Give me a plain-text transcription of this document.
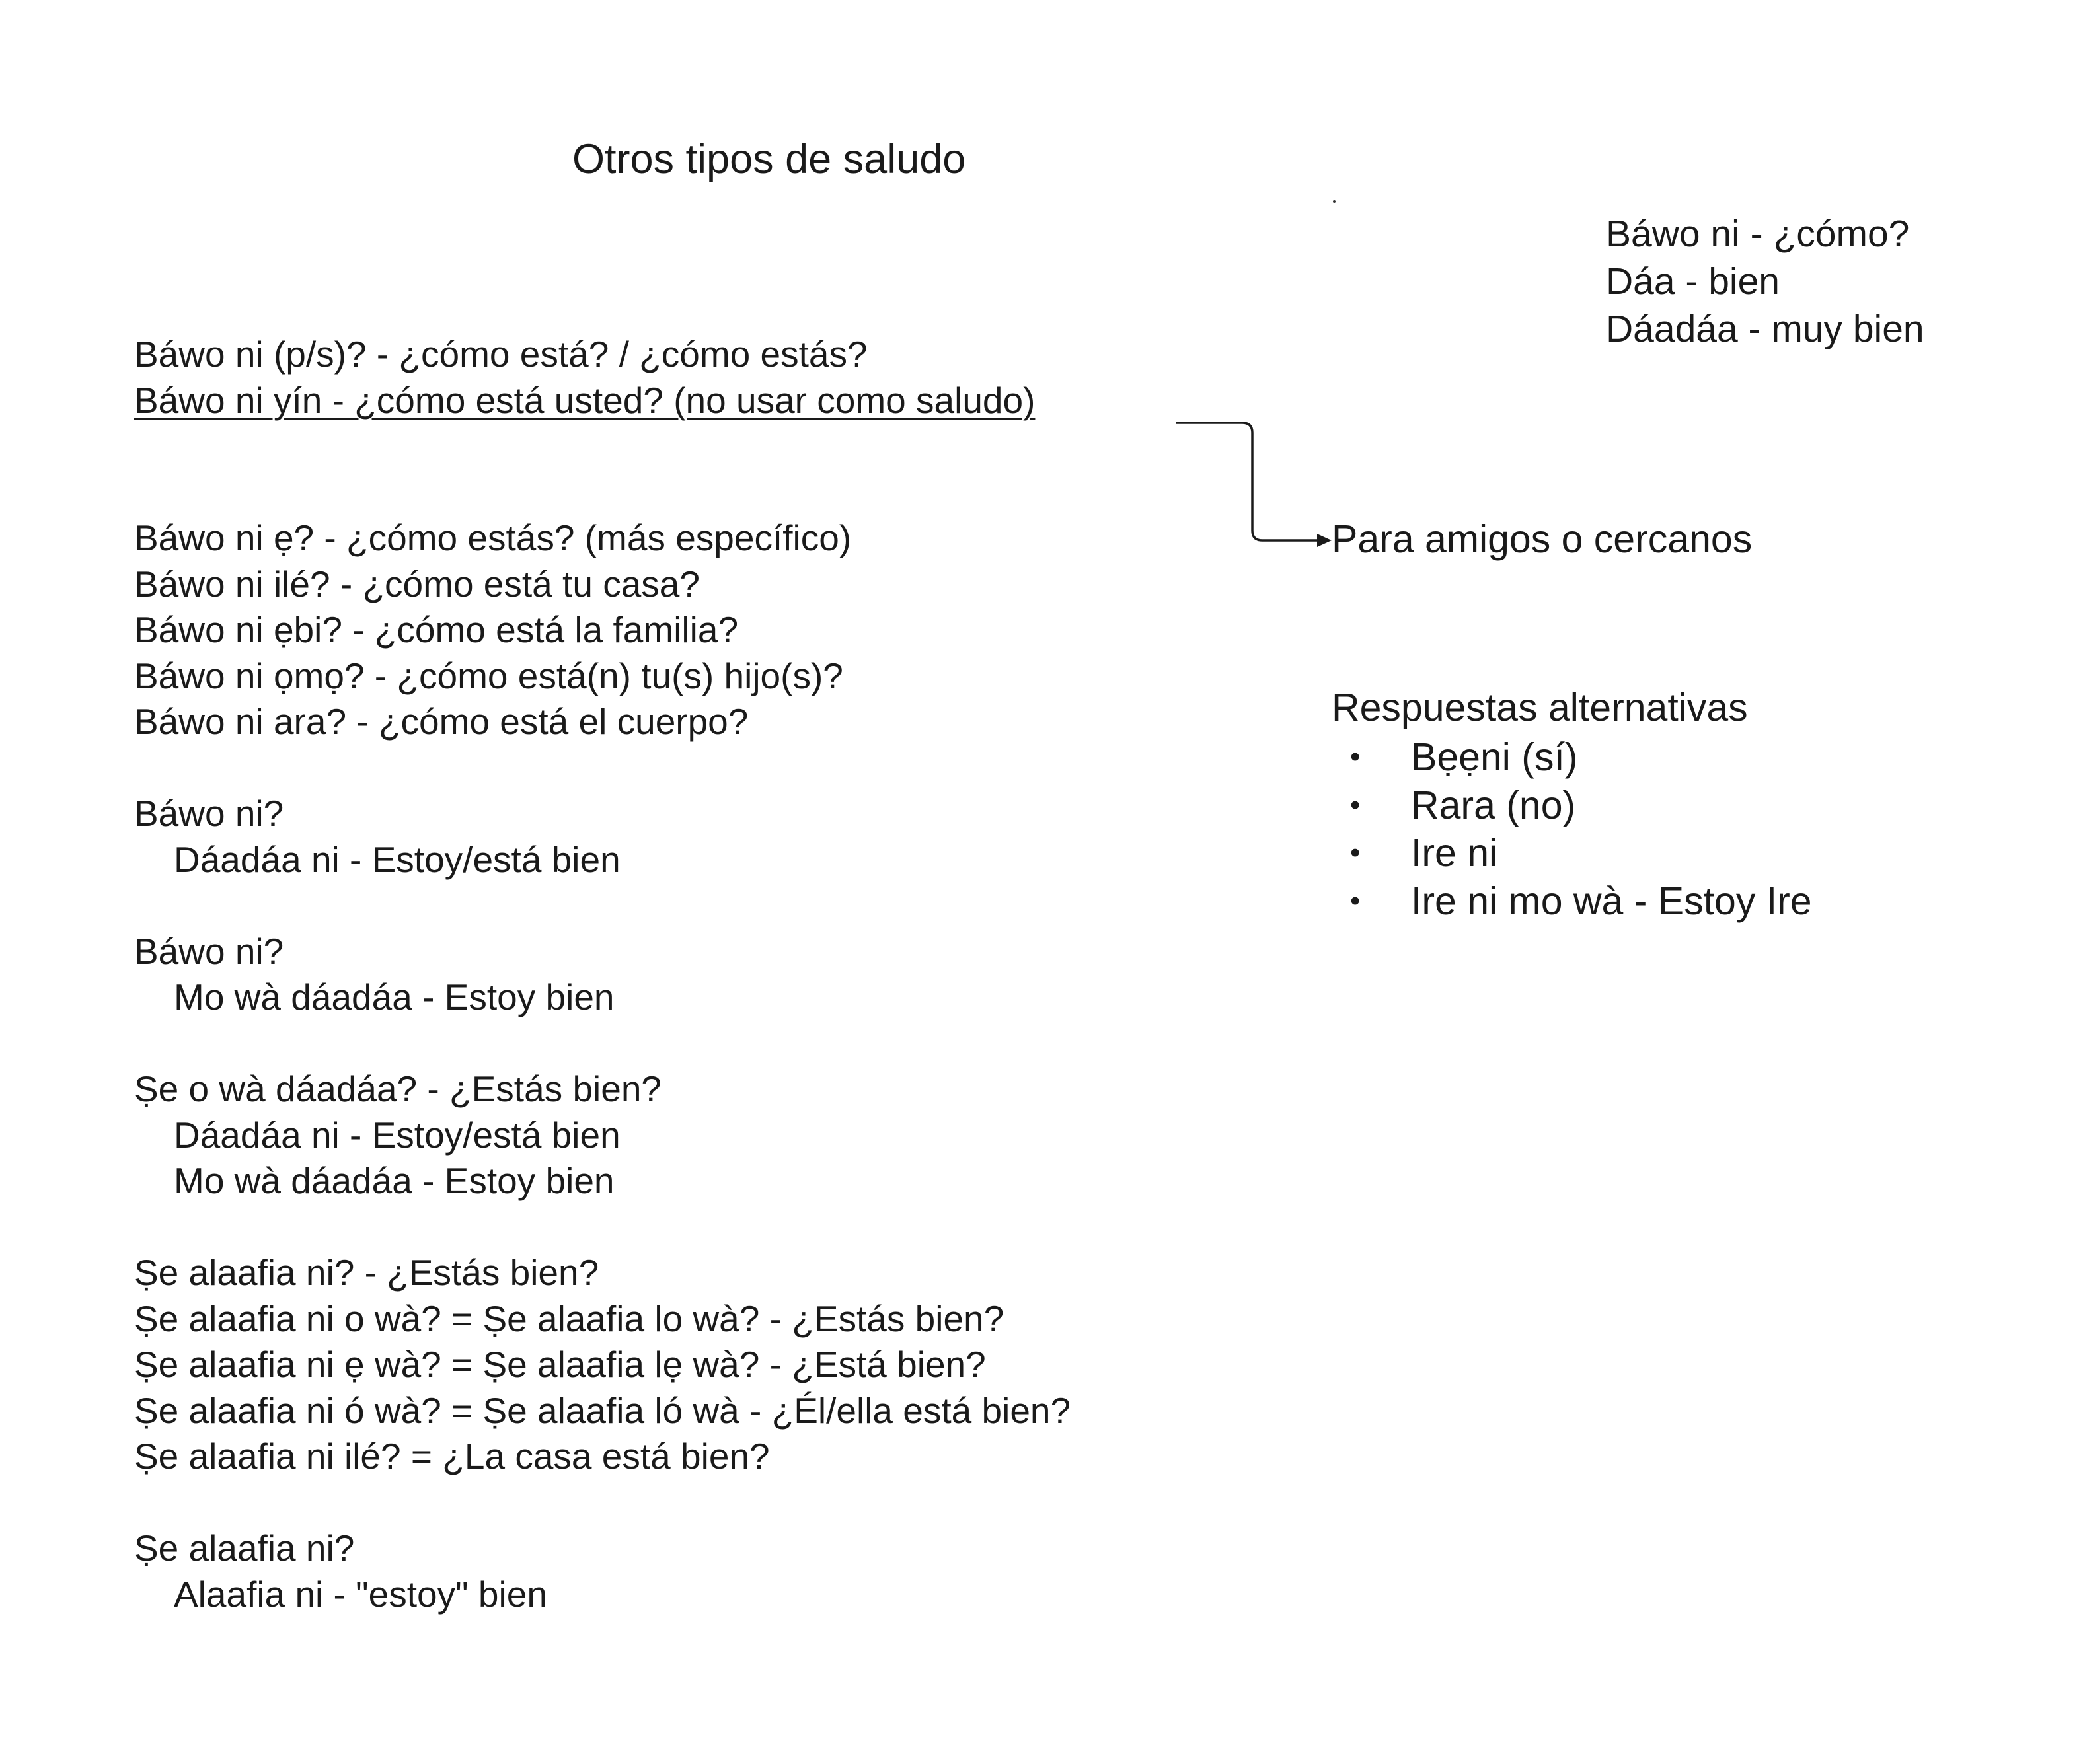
Otros tipos de saludo
Báwo ni - ¿cómo?
Dáa - bien
Dáadáa - muy bien
Báwo ni (p/s)? - ¿cómo está? / ¿cómo estás?
Báwo ni yín - ¿cómo está usted? (no usar como saludo)
Báwo ni ẹ? - ¿cómo estás? (más específico)
Báwo ni ilé? - ¿cómo está tu casa?
Báwo ni ẹbi? - ¿cómo está la familia?
Báwo ni ọmọ? - ¿cómo está(n) tu(s) hijo(s)?
Báwo ni ara? - ¿cómo está el cuerpo?
Báwo ni?
Dáadáa ni - Estoy/está bien
Báwo ni?
Mo wà dáadáa - Estoy bien
Ṣe o wà dáadáa? - ¿Estás bien?
Dáadáa ni - Estoy/está bien
Mo wà dáadáa - Estoy bien
Ṣe alaafia ni? - ¿Estás bien?
Ṣe alaafia ni o wà? = Ṣe alaafia lo wà? - ¿Estás bien?
Ṣe alaafia ni ẹ wà? = Ṣe alaafia lẹ wà? - ¿Está bien?
Ṣe alaafia ni ó wà? = Ṣe alaafia ló wà - ¿Él/ella está bien?
Ṣe alaafia ni ilé? = ¿La casa está bien?
Ṣe alaafia ni?
Alaafia ni - "estoy" bien
Para amigos o cercanos
Respuestas alternativas
• Bẹẹni (sí)
• Rara (no)
• Ire ni
• Ire ni mo wà - Estoy Ire
